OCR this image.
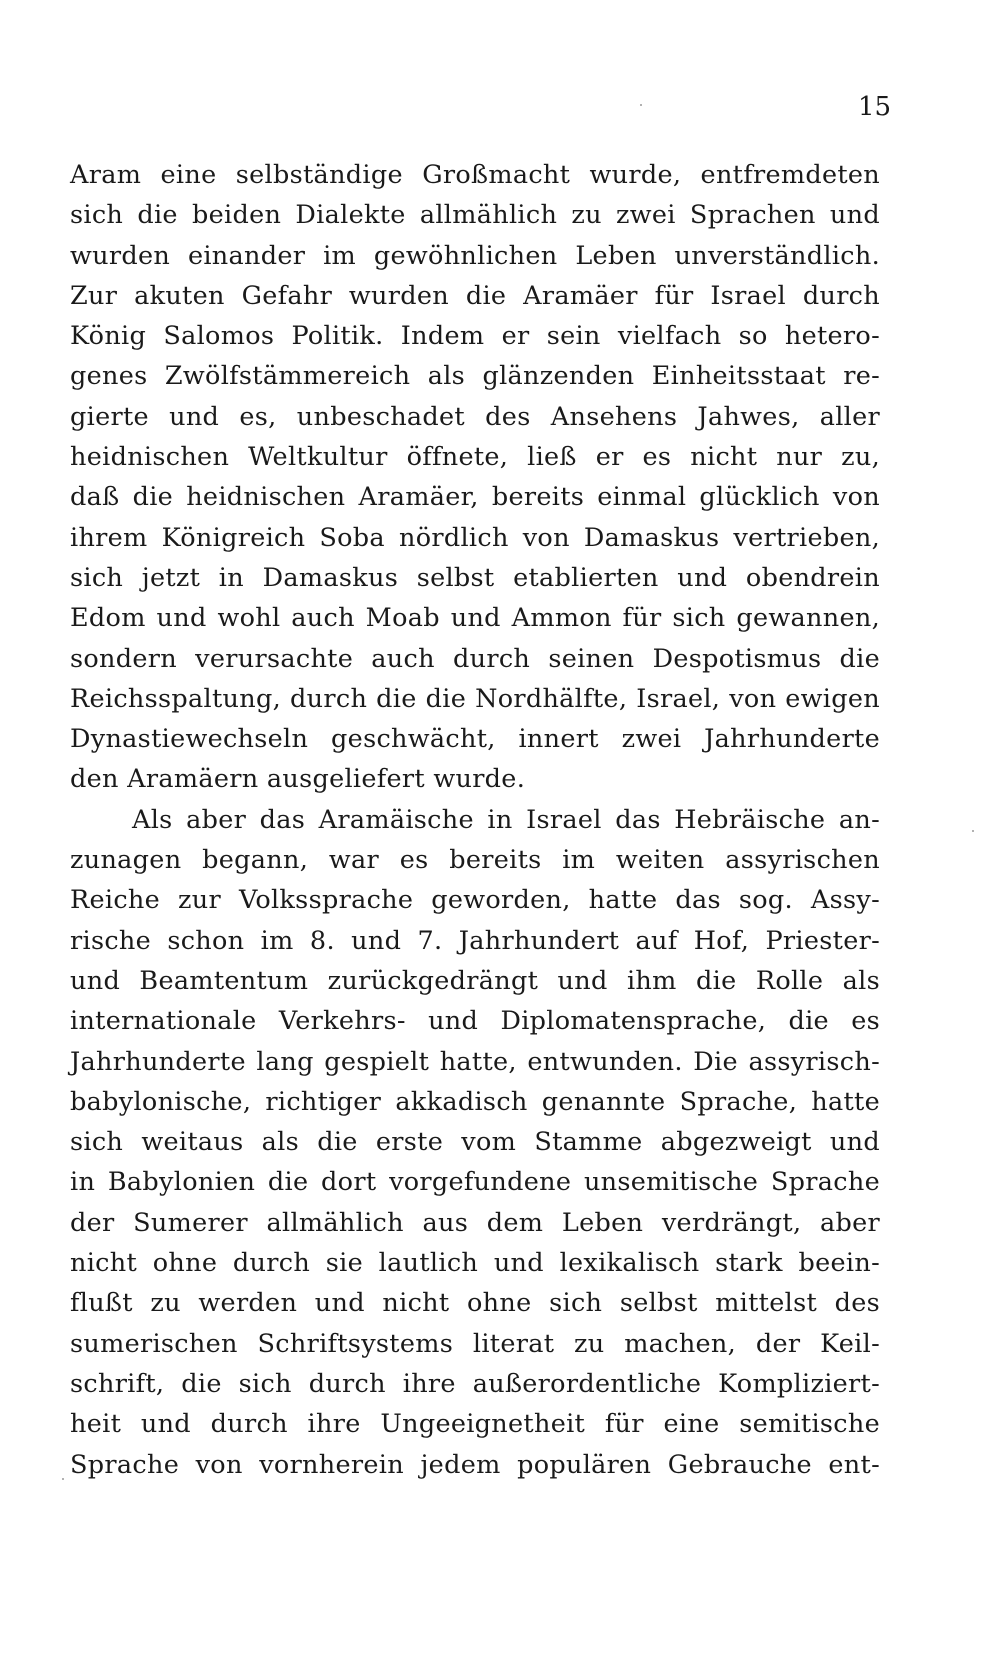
15
Aram eine selbständige Großmacht wurde, entfremdeten
sich die beiden Dialekte allmählich zu zwei Sprachen und
wurden einander im gewöhnlichen Leben unverständlich.
Zur akuten Gefahr wurden die Aramäer für Israel durch
König Salomos Politik. Indem er sein vielfach so hetero-
genes Zwölfstämmereich als glänzenden Einheitsstaat re-
gierte und es, unbeschadet des Ansehens Jahwes, aller
heidnischen Weltkultur öffnete, ließ er es nicht nur zu,
daß die heidnischen Aramäer, bereits einmal glücklich von
ihrem Königreich Soba nördlich von Damaskus vertrieben,
sich jetzt in Damaskus selbst etablierten und obendrein
Edom und wohl auch Moab und Ammon für sich gewannen,
sondern verursachte auch durch seinen Despotismus die
Reichsspaltung, durch die die Nordhälfte, Israel, von ewigen
Dynastiewechseln geschwächt, innert zwei Jahrhunderte
den Aramäern ausgeliefert wurde.
Als aber das Aramäische in Israel das Hebräische an-
zunagen begann, war es bereits im weiten assyrischen
Reiche zur Volkssprache geworden, hatte das sog. Assy-
rische schon im 8. und 7. Jahrhundert auf Hof, Priester-
und Beamtentum zurückgedrängt und ihm die Rolle als
internationale Verkehrs- und Diplomatensprache, die es
Jahrhunderte lang gespielt hatte, entwunden. Die assyrisch-
babylonische, richtiger akkadisch genannte Sprache, hatte
sich weitaus als die erste vom Stamme abgezweigt und
in Babylonien die dort vorgefundene unsemitische Sprache
der Sumerer allmählich aus dem Leben verdrängt, aber
nicht ohne durch sie lautlich und lexikalisch stark beein-
flußt zu werden und nicht ohne sich selbst mittelst des
sumerischen Schriftsystems literat zu machen, der Keil-
schrift, die sich durch ihre außerordentliche Kompliziert-
heit und durch ihre Ungeeignetheit für eine semitische
Sprache von vornherein jedem populären Gebrauche ent-
